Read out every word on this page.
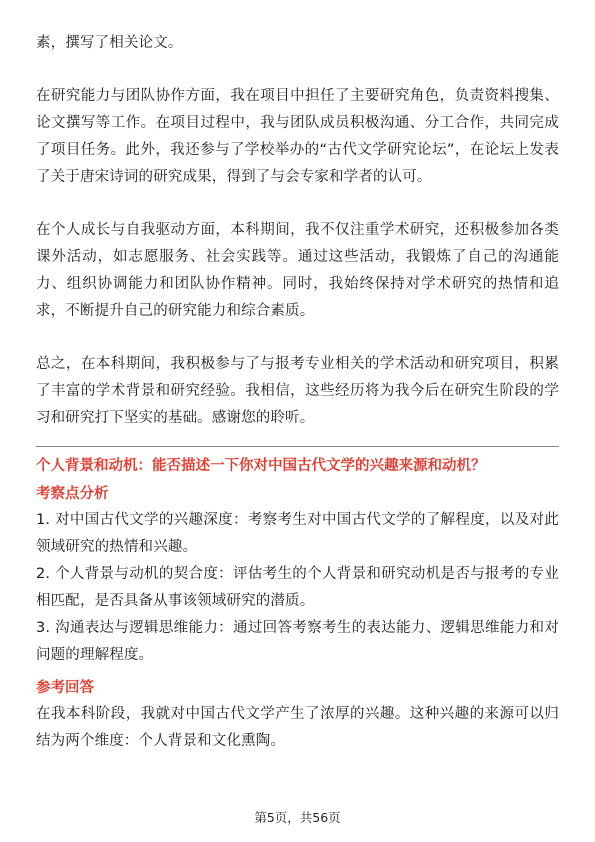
素，撰写了相关论文。

在研究能力与团队协作方面，我在项目中担任了主要研究角色，负责资料搜集、论文撰写等工作。在项目过程中，我与团队成员积极沟通、分工合作，共同完成了项目任务。此外，我还参与了学校举办的“古代文学研究论坛”，在论坛上发表了关于唐宋诗词的研究成果，得到了与会专家和学者的认可。

在个人成长与自我驱动方面，本科期间，我不仅注重学术研究，还积极参加各类课外活动，如志愿服务、社会实践等。通过这些活动，我锻炼了自己的沟通能力、组织协调能力和团队协作精神。同时，我始终保持对学术研究的热情和追求，不断提升自己的研究能力和综合素质。

总之，在本科期间，我积极参与了与报考专业相关的学术活动和研究项目，积累了丰富的学术背景和研究经验。我相信，这些经历将为我今后在研究生阶段的学习和研究打下坚实的基础。感谢您的聆听。

个人背景和动机：能否描述一下你对中国古代文学的兴趣来源和动机？

考察点分析

1. 对中国古代文学的兴趣深度：考察考生对中国古代文学的了解程度，以及对此领域研究的热情和兴趣。

2. 个人背景与动机的契合度：评估考生的个人背景和研究动机是否与报考的专业相匹配，是否具备从事该领域研究的潜质。

3. 沟通表达与逻辑思维能力：通过回答考察考生的表达能力、逻辑思维能力和对问题的理解程度。

参考回答

在我本科阶段，我就对中国古代文学产生了浓厚的兴趣。这种兴趣的来源可以归结为两个维度：个人背景和文化熏陶。

第5页，共56页
